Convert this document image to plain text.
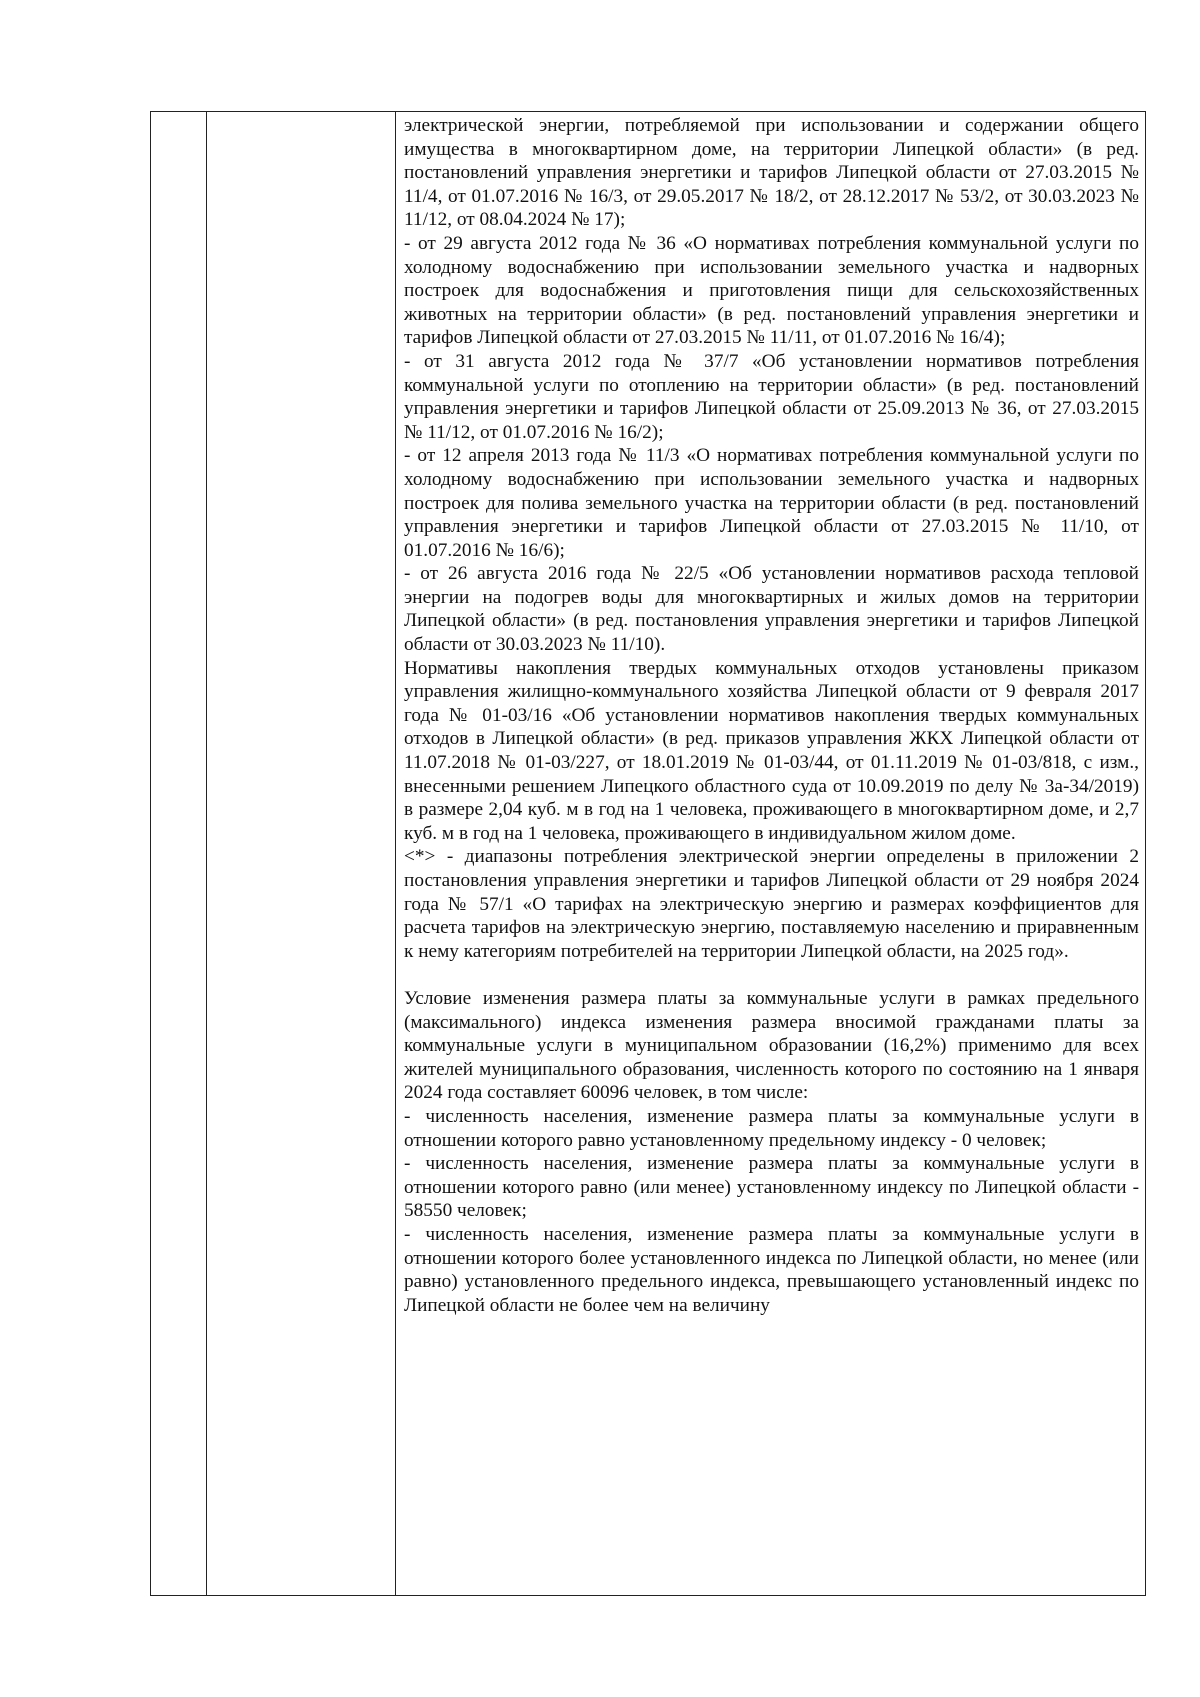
электрической энергии, потребляемой при использовании и содержании общего имущества в многоквартирном доме, на территории Липецкой области» (в ред. постановлений управления энергетики и тарифов Липецкой области от 27.03.2015 № 11/4, от 01.07.2016 № 16/3, от 29.05.2017 № 18/2, от 28.12.2017 № 53/2, от 30.03.2023 № 11/12, от 08.04.2024 № 17);

- от 29 августа 2012 года № 36 «О нормативах потребления коммунальной услуги по холодному водоснабжению при использовании земельного участка и надворных построек для водоснабжения и приготовления пищи для сельскохозяйственных животных на территории области» (в ред. постановлений управления энергетики и тарифов Липецкой области от 27.03.2015 № 11/11, от 01.07.2016 № 16/4);

- от 31 августа 2012 года № 37/7 «Об установлении нормативов потребления коммунальной услуги по отоплению на территории области» (в ред. постановлений управления энергетики и тарифов Липецкой области от 25.09.2013 № 36, от 27.03.2015 № 11/12, от 01.07.2016 № 16/2);

- от 12 апреля 2013 года № 11/3 «О нормативах потребления коммунальной услуги по холодному водоснабжению при использовании земельного участка и надворных построек для полива земельного участка на территории области (в ред. постановлений управления энергетики и тарифов Липецкой области от 27.03.2015 № 11/10, от 01.07.2016 № 16/6);

- от 26 августа 2016 года № 22/5 «Об установлении нормативов расхода тепловой энергии на подогрев воды для многоквартирных и жилых домов на территории Липецкой области» (в ред. постановления управления энергетики и тарифов Липецкой области от 30.03.2023 № 11/10).

Нормативы накопления твердых коммунальных отходов установлены приказом управления жилищно-коммунального хозяйства Липецкой области от 9 февраля 2017 года № 01-03/16 «Об установлении нормативов накопления твердых коммунальных отходов в Липецкой области» (в ред. приказов управления ЖКХ Липецкой области от 11.07.2018 № 01-03/227, от 18.01.2019 № 01-03/44, от 01.11.2019 № 01-03/818, с изм., внесенными решением Липецкого областного суда от 10.09.2019 по делу № 3а-34/2019) в размере 2,04 куб. м в год на 1 человека, проживающего в многоквартирном доме, и 2,7 куб. м в год на 1 человека, проживающего в индивидуальном жилом доме.

<*> - диапазоны потребления электрической энергии определены в приложении 2 постановления управления энергетики и тарифов Липецкой области от 29 ноября 2024 года № 57/1 «О тарифах на электрическую энергию и размерах коэффициентов для расчета тарифов на электрическую энергию, поставляемую населению и приравненным к нему категориям потребителей на территории Липецкой области, на 2025 год».

Условие изменения размера платы за коммунальные услуги в рамках предельного (максимального) индекса изменения размера вносимой гражданами платы за коммунальные услуги в муниципальном образовании (16,2%) применимо для всех жителей муниципального образования, численность которого по состоянию на 1 января 2024 года составляет 60096 человек, в том числе:

- численность населения, изменение размера платы за коммунальные услуги в отношении которого равно установленному предельному индексу - 0 человек;

- численность населения, изменение размера платы за коммунальные услуги в отношении которого равно (или менее) установленному индексу по Липецкой области - 58550 человек;

- численность населения, изменение размера платы за коммунальные услуги в отношении которого более установленного индекса по Липецкой области, но менее (или равно) установленного предельного индекса, превышающего установленный индекс по Липецкой области не более чем на величину
